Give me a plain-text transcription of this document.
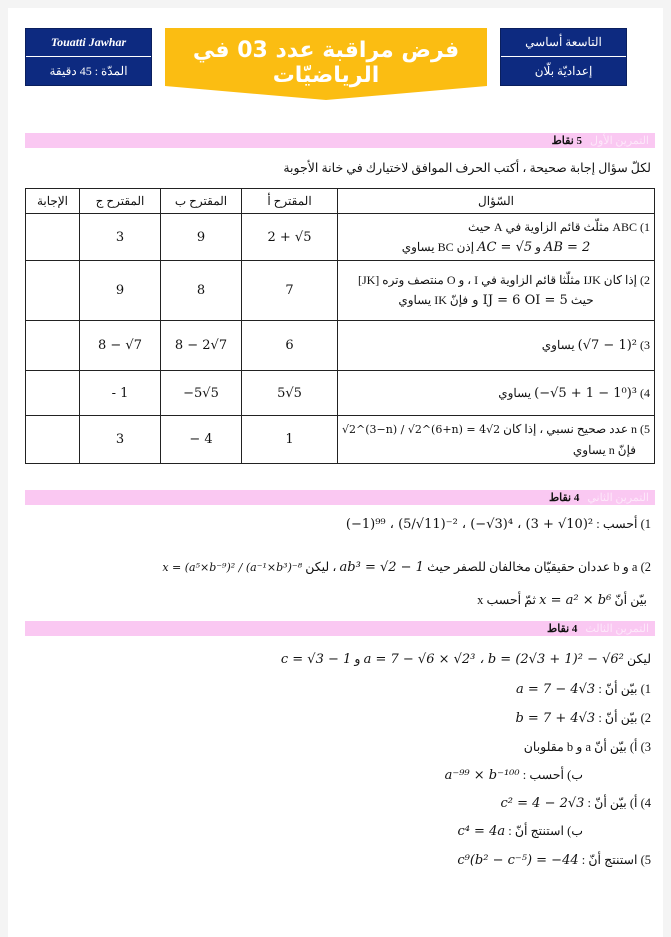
Touatti Jawhar
المدّة : 45 دقيقة
فرض مراقبة عدد 03 في الرياضيّات
التاسعة أساسي
إعداديّة بلّان
التمرين الأول
5 نقاط
لكلّ سؤال إجابة صحيحة ، أكتب الحرف الموافق لاختيارك في خانة الأجوبة
السّؤال	المقترح أ	المقترح ب	المقترح ج	الإجابة

1) ABC مثلّث قائم الزاوية في A حيث
AB = 2 و AC = √5 إذن BC يساوي	2 + √5	9	3	

2) إذا كان IJK مثلّثا قائم الزاوية في I ، و O منتصف وتره [JK]
حيث OI = 5 و IJ = 6 فإنّ IK يساوي	7	8	9	
3) (√7 − 1)² يساوي	6	8 − 2√7	8 − √7	
4) (−√5 + 1 − 1⁰)³ يساوي	5√5	−5√5	- 1	

5) n عدد صحيح نسبي ، إذا كان √2^(3−n) / √2^(6+n) = 4√2
فإنّ n يساوي	1	− 4	3	
التمرين الثاني
4 نقاط
1) أحسب : (−1)⁹⁹ ، (5/√11)⁻² ، (−√3)⁴ ، (3 + √10)²
2) a و b عددان حقيقيّان مخالفان للصفر حيث ab³ = √2 − 1 ، ليكن x = (a⁵×b⁻⁹)² / (a⁻¹×b³)⁻⁸
بيّن أنّ x = a² × b⁶ ثمّ أحسب x
التمرين الثالث
4 نقاط
ليكن a = 7 − √6 × √2³ ، b = (2√3 + 1)² − √6² و c = √3 − 1
1) بيّن أنّ : a = 7 − 4√3
2) بيّن أنّ : b = 7 + 4√3
3) أ) بيّن أنّ a و b مقلوبان
ب) أحسب : a⁻⁹⁹ × b⁻¹⁰⁰
4) أ) بيّن أنّ : c² = 4 − 2√3
ب) استنتج أنّ : c⁴ = 4a
5) استنتج أنّ : c⁹(b² − c⁻⁵) = −44
